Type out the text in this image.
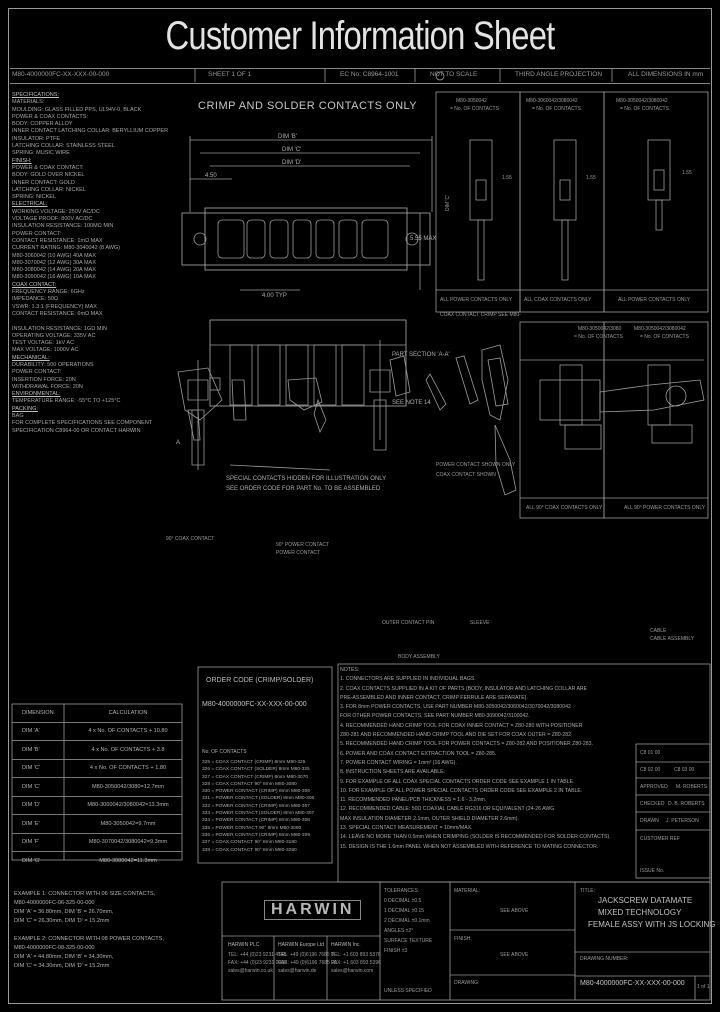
Customer Information Sheet
M80-4000000FC-XX-XXX-00-000	SHEET 1 OF 1	EC No: C8964-1001	NOT TO SCALE	THIRD ANGLE PROJECTION	ALL DIMENSIONS IN mm
SPECIFICATIONS:
MATERIALS:
MOULDING: GLASS FILLED PPS, UL94V-0, BLACK
POWER & COAX CONTACTS:
BODY: COPPER ALLOY
INNER CONTACT LATCHING COLLAR: BERYLLIUM COPPER
INSULATOR: PTFE
LATCHING COLLAR: STAINLESS STEEL
SPRING: MUSIC WIRE
FINISH:
POWER & COAX CONTACT:
BODY: GOLD OVER NICKEL
INNER CONTACT: GOLD
LATCHING COLLAR: NICKEL
SPRING: NICKEL
ELECTRICAL:
WORKING VOLTAGE: 250V AC/DC
VOLTAGE PROOF: 800V AC/DC
INSULATION RESISTANCE: 100MΩ MIN
POWER CONTACT:
CONTACT RESISTANCE: 1mΩ MAX
CURRENT RATING: M80-3040042 (8 AWG)
M80-3060042 (10 AWG) 40A MAX
M80-3070042 (12 AWG) 30A MAX
M80-3080042 (14 AWG) 20A MAX
M80-3090042 (16 AWG) 10A MAX
COAX CONTACT:
FREQUENCY RANGE: 6GHz
IMPEDANCE: 50Ω
VSWR: 1.3:1 (FREQUENCY) MAX
CONTACT RESISTANCE: 6mΩ MAX

INSULATION RESISTANCE: 1GΩ MIN
OPERATING VOLTAGE: 335V AC
TEST VOLTAGE: 1kV AC
MAX VOLTAGE: 1000V AC
MECHANICAL:
DURABILITY: 500 OPERATIONS
POWER CONTACT:
INSERTION FORCE: 20N
WITHDRAWAL FORCE: 20N
ENVIRONMENTAL:
TEMPERATURE RANGE: -55°C TO +125°C
PACKING:
BAG
FOR COMPLETE SPECIFICATIONS SEE COMPONENT
SPECIFICATION C8964-00 OR CONTACT HARWIN
CRIMP AND SOLDER CONTACTS ONLY
DIM 'B'
DIM 'C'
DIM 'D'
4.50
5.55 MAX
4.00 TYP
PART SECTION 'A-A'
SEE NOTE 14
A
SPECIAL CONTACTS HIDDEN FOR ILLUSTRATION ONLY
SEE ORDER CODE FOR PART No. TO BE ASSEMBLED
POWER CONTACT SHOWN ONLY
COAX CONTACT SHOWN
M80-3050042
= No. OF CONTACTS
M80-3060042/3080042
= No. OF CONTACTS
M80-3050042/3080042
= No. OF CONTACTS
ALL POWER CONTACTS ONLY ALL COAX CONTACTS ONLY	ALL POWER CONTACTS ONLY
DIM 'C'
1.55	1.55
1.55
M80-3050042/3080
= No. OF CONTACTS
M80-3050042/3080042
= No. OF CONTACTS
ALL 90° COAX CONTACTS ONLY	ALL 90° POWER CONTACTS ONLY
COAX CONTACT CRIMP SEE M80-
90° COAX CONTACT
90° POWER CONTACT
POWER CONTACT
SLEEVE
PIN
OUTER CONTACT
BODY ASSEMBLY
CABLE
CABLE ASSEMBLY
DIMENSION	CALCULATION
DIM 'A'	4 x No. OF CONTACTS + 10.80
DIM 'B'	4 x No. OF CONTACTS + 3.8
DIM 'C'	4 x No. OF CONTACTS + 1.80
DIM 'C'	M80-3050042/3080=12.7mm
DIM 'D'	M80-3060042/3080042=13.3mm
DIM 'E'	M80-3050042=9.7mm
DIM 'F'	M80-3070042/3080042=9.3mm
DIM 'G'	M80-3080042=11.3mm
EXAMPLE 1: CONNECTOR WITH 06 SIZE CONTACTS,
M80-4000000FC-06-325-00-000
DIM 'A' = 36.80mm, DIM 'B' = 26.70mm,
DIM 'C' = 26.30mm, DIM 'D' = 15.2mm

EXAMPLE 2: CONNECTOR WITH 08 POWER CONTACTS,
M80-4000000FC-08-325-00-000
DIM 'A' = 44.80mm, DIM 'B' = 34.30mm,
DIM 'C' = 34.30mm, DIM 'D' = 15.2mm
ORDER CODE (CRIMP/SOLDER)
M80-4000000FC-XX-XXX-00-000
No. OF CONTACTS
325 = COAX CONTACT (CRIMP) 8mm M80-325
326 = COAX CONTACT (SOLDER) 8mm M80-325
327 = COAX CONTACT (CRIMP) 8mm M80-3070
328 = COAX CONTACT 90° 8mm M80-3080
330 = POWER CONTACT (CRIMP) 8mm M80-306
331 = POWER CONTACT (SOLDER) 8mm M80-306
332 = POWER CONTACT (CRIMP) 8mm M80-307
333 = POWER CONTACT (SOLDER) 8mm M80-307
334 = POWER CONTACT (CRIMP) 8mm M80-308
335 = POWER CONTACT 90° 8mm M80-3090
336 = POWER CONTACT (CRIMP) 8mm M80-309
337 = COAX CONTACT 90° 8mm M80-3180
338 = COAX CONTACT 90° 8mm M80-3280
NOTES:
1. CONNECTORS ARE SUPPLIED IN INDIVIDUAL BAGS.
2. COAX CONTACTS SUPPLIED IN A KIT OF PARTS (BODY, INSULATOR AND LATCHING COLLAR ARE
PRE-ASSEMBLED AND INNER CONTACT, CRIMP FERRULE ARE SEPARATE).
3. FOR 8mm POWER CONTACTS, USE PART NUMBER M80-3050042/3060042/3070042/3080042
FOR OTHER POWER CONTACTS, SEE PART NUMBER M80-3090042/3100042.
4. RECOMMENDED HAND CRIMP TOOL FOR COAX INNER CONTACT = Z80-280 WITH POSITIONER
Z80-281 AND RECOMMENDED HAND CRIMP TOOL AND DIE SET FOR COAX OUTER = Z80-282
5. RECOMMENDED HAND CRIMP TOOL FOR POWER CONTACTS = Z80-282 AND POSITIONER Z80-283.
6. POWER AND COAX CONTACT EXTRACTION TOOL = Z80-285.
7. POWER CONTACT WIRING = 1mm² (16 AWG).
8. INSTRUCTION SHEETS ARE AVAILABLE.
9. FOR EXAMPLE OF ALL COAX SPECIAL CONTACTS ORDER CODE SEE EXAMPLE 1 IN TABLE.
10. FOR EXAMPLE OF ALL POWER SPECIAL CONTACTS ORDER CODE SEE EXAMPLE 2 IN TABLE.
11. RECOMMENDED PANEL/PCB THICKNESS = 1.6 - 3.2mm.
12. RECOMMENDED CABLE: 50Ω COAXIAL CABLE RG316 OR EQUIVALENT (24-26 AWG
MAX INSULATION DIAMETER 2.1mm, OUTER SHIELD DIAMETER 2.6mm).
13. SPECIAL CONTACT MEASUREMENT = 10mm/MAX.
14. LEAVE NO MORE THAN 0.5mm WHEN CRIMPING (SOLDER IS RECOMMENDED FOR SOLDER CONTACTS).
15. DESIGN IS THE 1.6mm PANEL WHEN NOT ASSEMBLED WITH REFERENCE TO MATING CONNECTOR.
C8 01 00
C8 02 00	C8 03 00
APPROVED M. ROBERTS
CHECKED D. B. ROBERTS
DRAWN J. PETERSON
CUSTOMER REF
ISSUE No.
HARWIN
HARWIN PLC
TEL: +44 (0)23 9231 4545
FAX: +44 (0)23 9231 0000
sales@harwin.co.uk
HARWIN Europe Ltd
TEL: +49 (0)6196 7685 0
FAX: +49 (0)6196 7685 20
sales@harwin.de
HARWIN Inc.
TEL: +1 603 893 5376
FAX: +1 603 893 5396
sales@harwin.com
TOLERANCES:
0 DECIMAL ±0.5
1 DECIMAL ±0.15
2 DECIMAL ±0.1mm
ANGLES ±2°
SURFACE TEXTURE
FINISH ±3
UNLESS SPECIFIED
MATERIAL:
SEE ABOVE
FINISH:
SEE ABOVE
DRAWING:
TITLE:
JACKSCREW DATAMATE
MIXED TECHNOLOGY
FEMALE ASSY WITH JS LOCKING
DRAWING NUMBER:
M80-4000000FC-XX-XXX-00-000 1 of 1
